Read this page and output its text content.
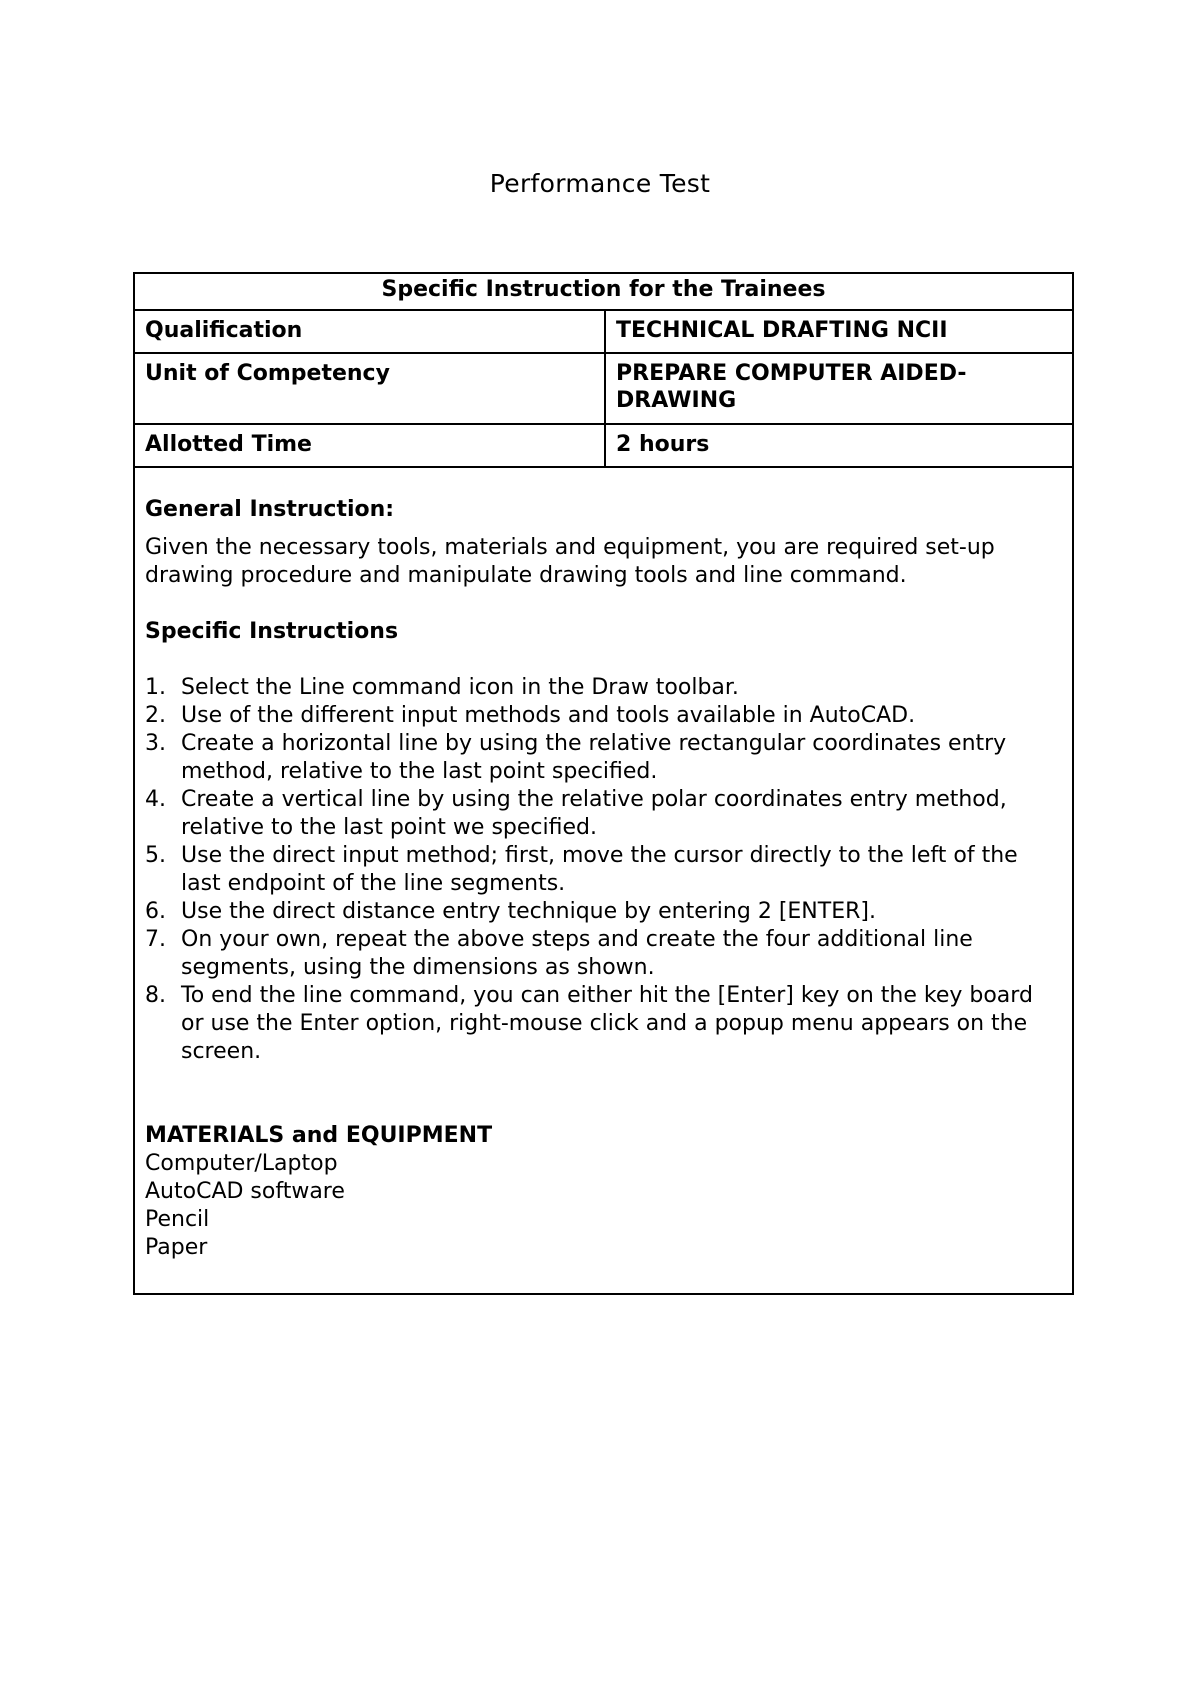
Performance Test
Specific Instruction for the Trainees	
Qualification	TECHNICAL DRAFTING NCII
Unit of Competency	PREPARE COMPUTER AIDED-DRAWING
Allotted Time	2 hours
General Instruction:
Given the necessary tools, materials and equipment, you are required set-up drawing procedure and manipulate drawing tools and line command.
Specific Instructions
1. Select the Line command icon in the Draw toolbar.
2. Use of the different input methods and tools available in AutoCAD.
3. Create a horizontal line by using the relative rectangular coordinates entry method, relative to the last point specified.
4. Create a vertical line by using the relative polar coordinates entry method, relative to the last point we specified.
5. Use the direct input method; first, move the cursor directly to the left of the last endpoint of the line segments.
6. Use the direct distance entry technique by entering 2 [ENTER].
7. On your own, repeat the above steps and create the four additional line segments, using the dimensions as shown.
8. To end the line command, you can either hit the [Enter] key on the key board or use the Enter option, right-mouse click and a popup menu appears on the screen.
MATERIALS and EQUIPMENT
Computer/Laptop
AutoCAD software
Pencil
Paper
